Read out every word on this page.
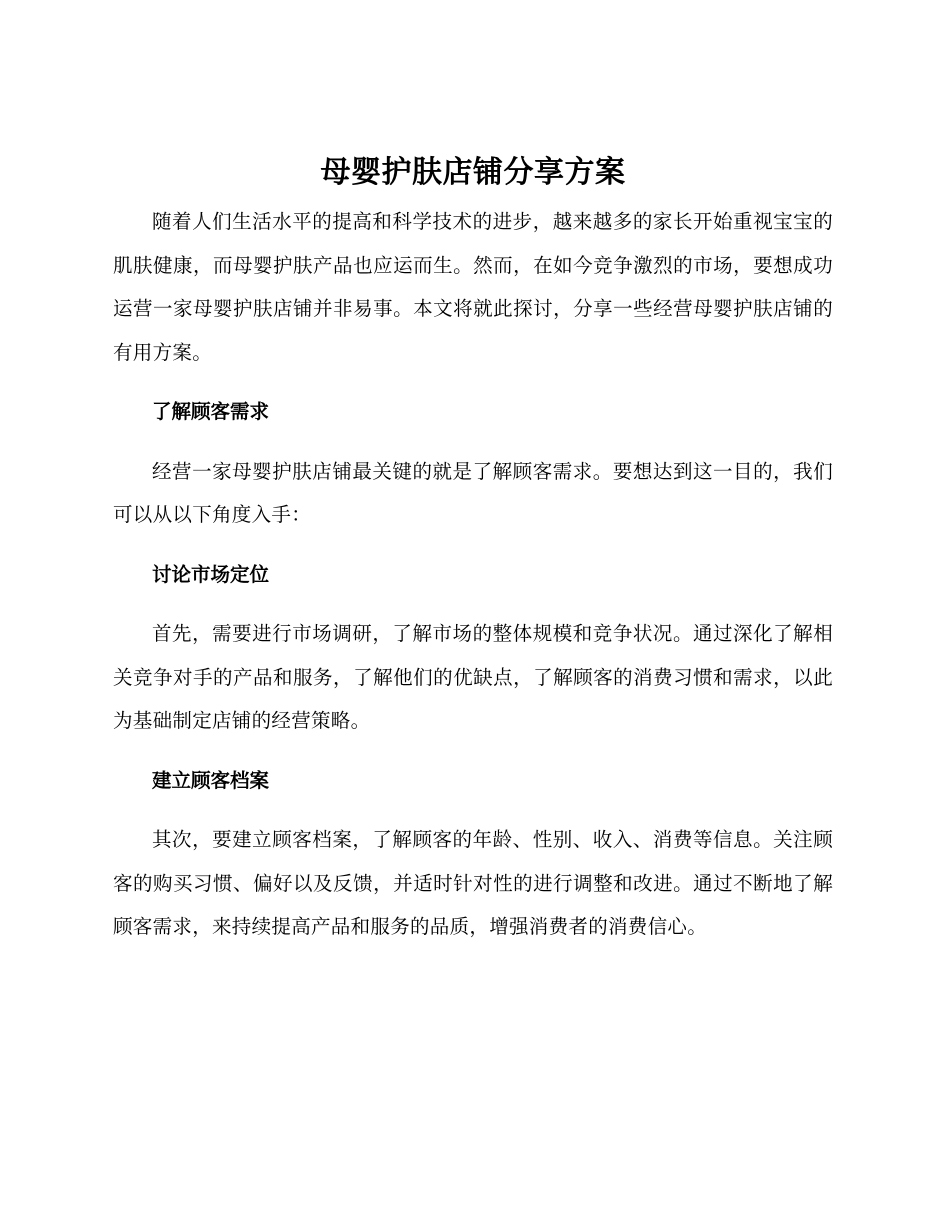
母婴护肤店铺分享方案

随着人们生活水平的提高和科学技术的进步，越来越多的家长开始重视宝宝的肌肤健康，而母婴护肤产品也应运而生。然而，在如今竞争激烈的市场，要想成功运营一家母婴护肤店铺并非易事。本文将就此探讨，分享一些经营母婴护肤店铺的有用方案。

了解顾客需求

经营一家母婴护肤店铺最关键的就是了解顾客需求。要想达到这一目的，我们可以从以下角度入手：

讨论市场定位

首先，需要进行市场调研，了解市场的整体规模和竞争状况。通过深化了解相关竞争对手的产品和服务，了解他们的优缺点，了解顾客的消费习惯和需求，以此为基础制定店铺的经营策略。

建立顾客档案

其次，要建立顾客档案，了解顾客的年龄、性别、收入、消费等信息。关注顾客的购买习惯、偏好以及反馈，并适时针对性的进行调整和改进。通过不断地了解顾客需求，来持续提高产品和服务的品质，增强消费者的消费信心。
